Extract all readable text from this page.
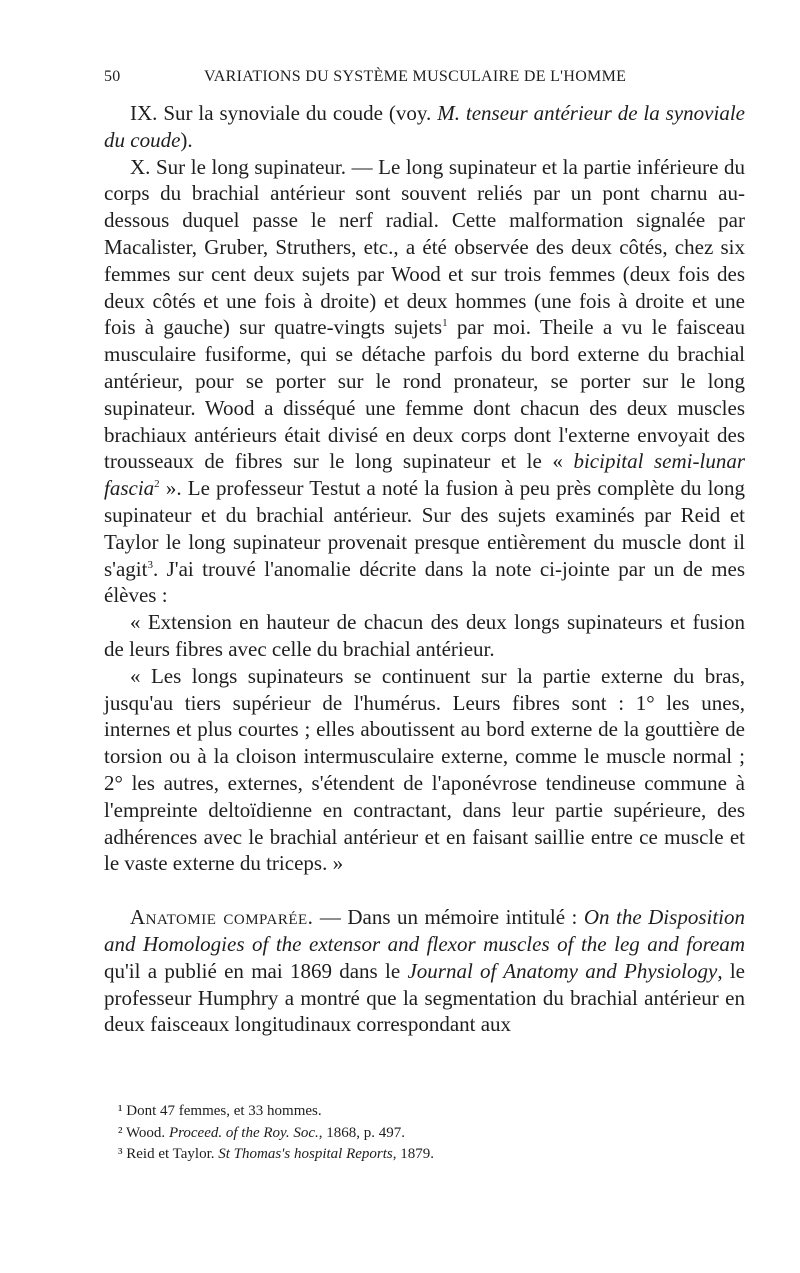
50	VARIATIONS DU SYSTÈME MUSCULAIRE DE L'HOMME

IX. Sur la synoviale du coude (voy. M. tenseur antérieur de la synoviale du coude).

X. Sur le long supinateur. — Le long supinateur et la partie inférieure du corps du brachial antérieur sont souvent reliés par un pont charnu au-dessous duquel passe le nerf radial. Cette malformation signalée par Macalister, Gruber, Struthers, etc., a été observée des deux côtés, chez six femmes sur cent deux sujets par Wood et sur trois femmes (deux fois des deux côtés et une fois à droite) et deux hommes (une fois à droite et une fois à gauche) sur quatre-vingts sujets$^1$ par moi. Theile a vu le faisceau musculaire fusiforme, qui se détache parfois du bord externe du brachial antérieur, pour se porter sur le rond pronateur, se porter sur le long supinateur. Wood a disséqué une femme dont chacun des deux muscles brachiaux antérieurs était divisé en deux corps dont l'externe envoyait des trousseaux de fibres sur le long supinateur et le « bicipital semi-lunar fascia$^2$ ». Le professeur Testut a noté la fusion à peu près complète du long supinateur et du brachial antérieur. Sur des sujets examinés par Reid et Taylor le long supinateur provenait presque entièrement du muscle dont il s'agit$^3$. J'ai trouvé l'anomalie décrite dans la note ci-jointe par un de mes élèves :

« Extension en hauteur de chacun des deux longs supinateurs et fusion de leurs fibres avec celle du brachial antérieur.

« Les longs supinateurs se continuent sur la partie externe du bras, jusqu'au tiers supérieur de l'humérus. Leurs fibres sont : 1° les unes, internes et plus courtes ; elles aboutissent au bord externe de la gouttière de torsion ou à la cloison intermusculaire externe, comme le muscle normal ; 2° les autres, externes, s'étendent de l'aponévrose tendineuse commune à l'empreinte deltoïdienne en contractant, dans leur partie supérieure, des adhérences avec le brachial antérieur et en faisant saillie entre ce muscle et le vaste externe du triceps. »

Anatomie comparée. — Dans un mémoire intitulé : On the Disposition and Homologies of the extensor and flexor muscles of the leg and foream qu'il a publié en mai 1869 dans le Journal of Anatomy and Physiology, le professeur Humphry a montré que la segmentation du brachial antérieur en deux faisceaux longitudinaux correspondant aux

¹ Dont 47 femmes, et 33 hommes.

² Wood. Proceed. of the Roy. Soc., 1868, p. 497.

³ Reid et Taylor. St Thomas's hospital Reports, 1879.
